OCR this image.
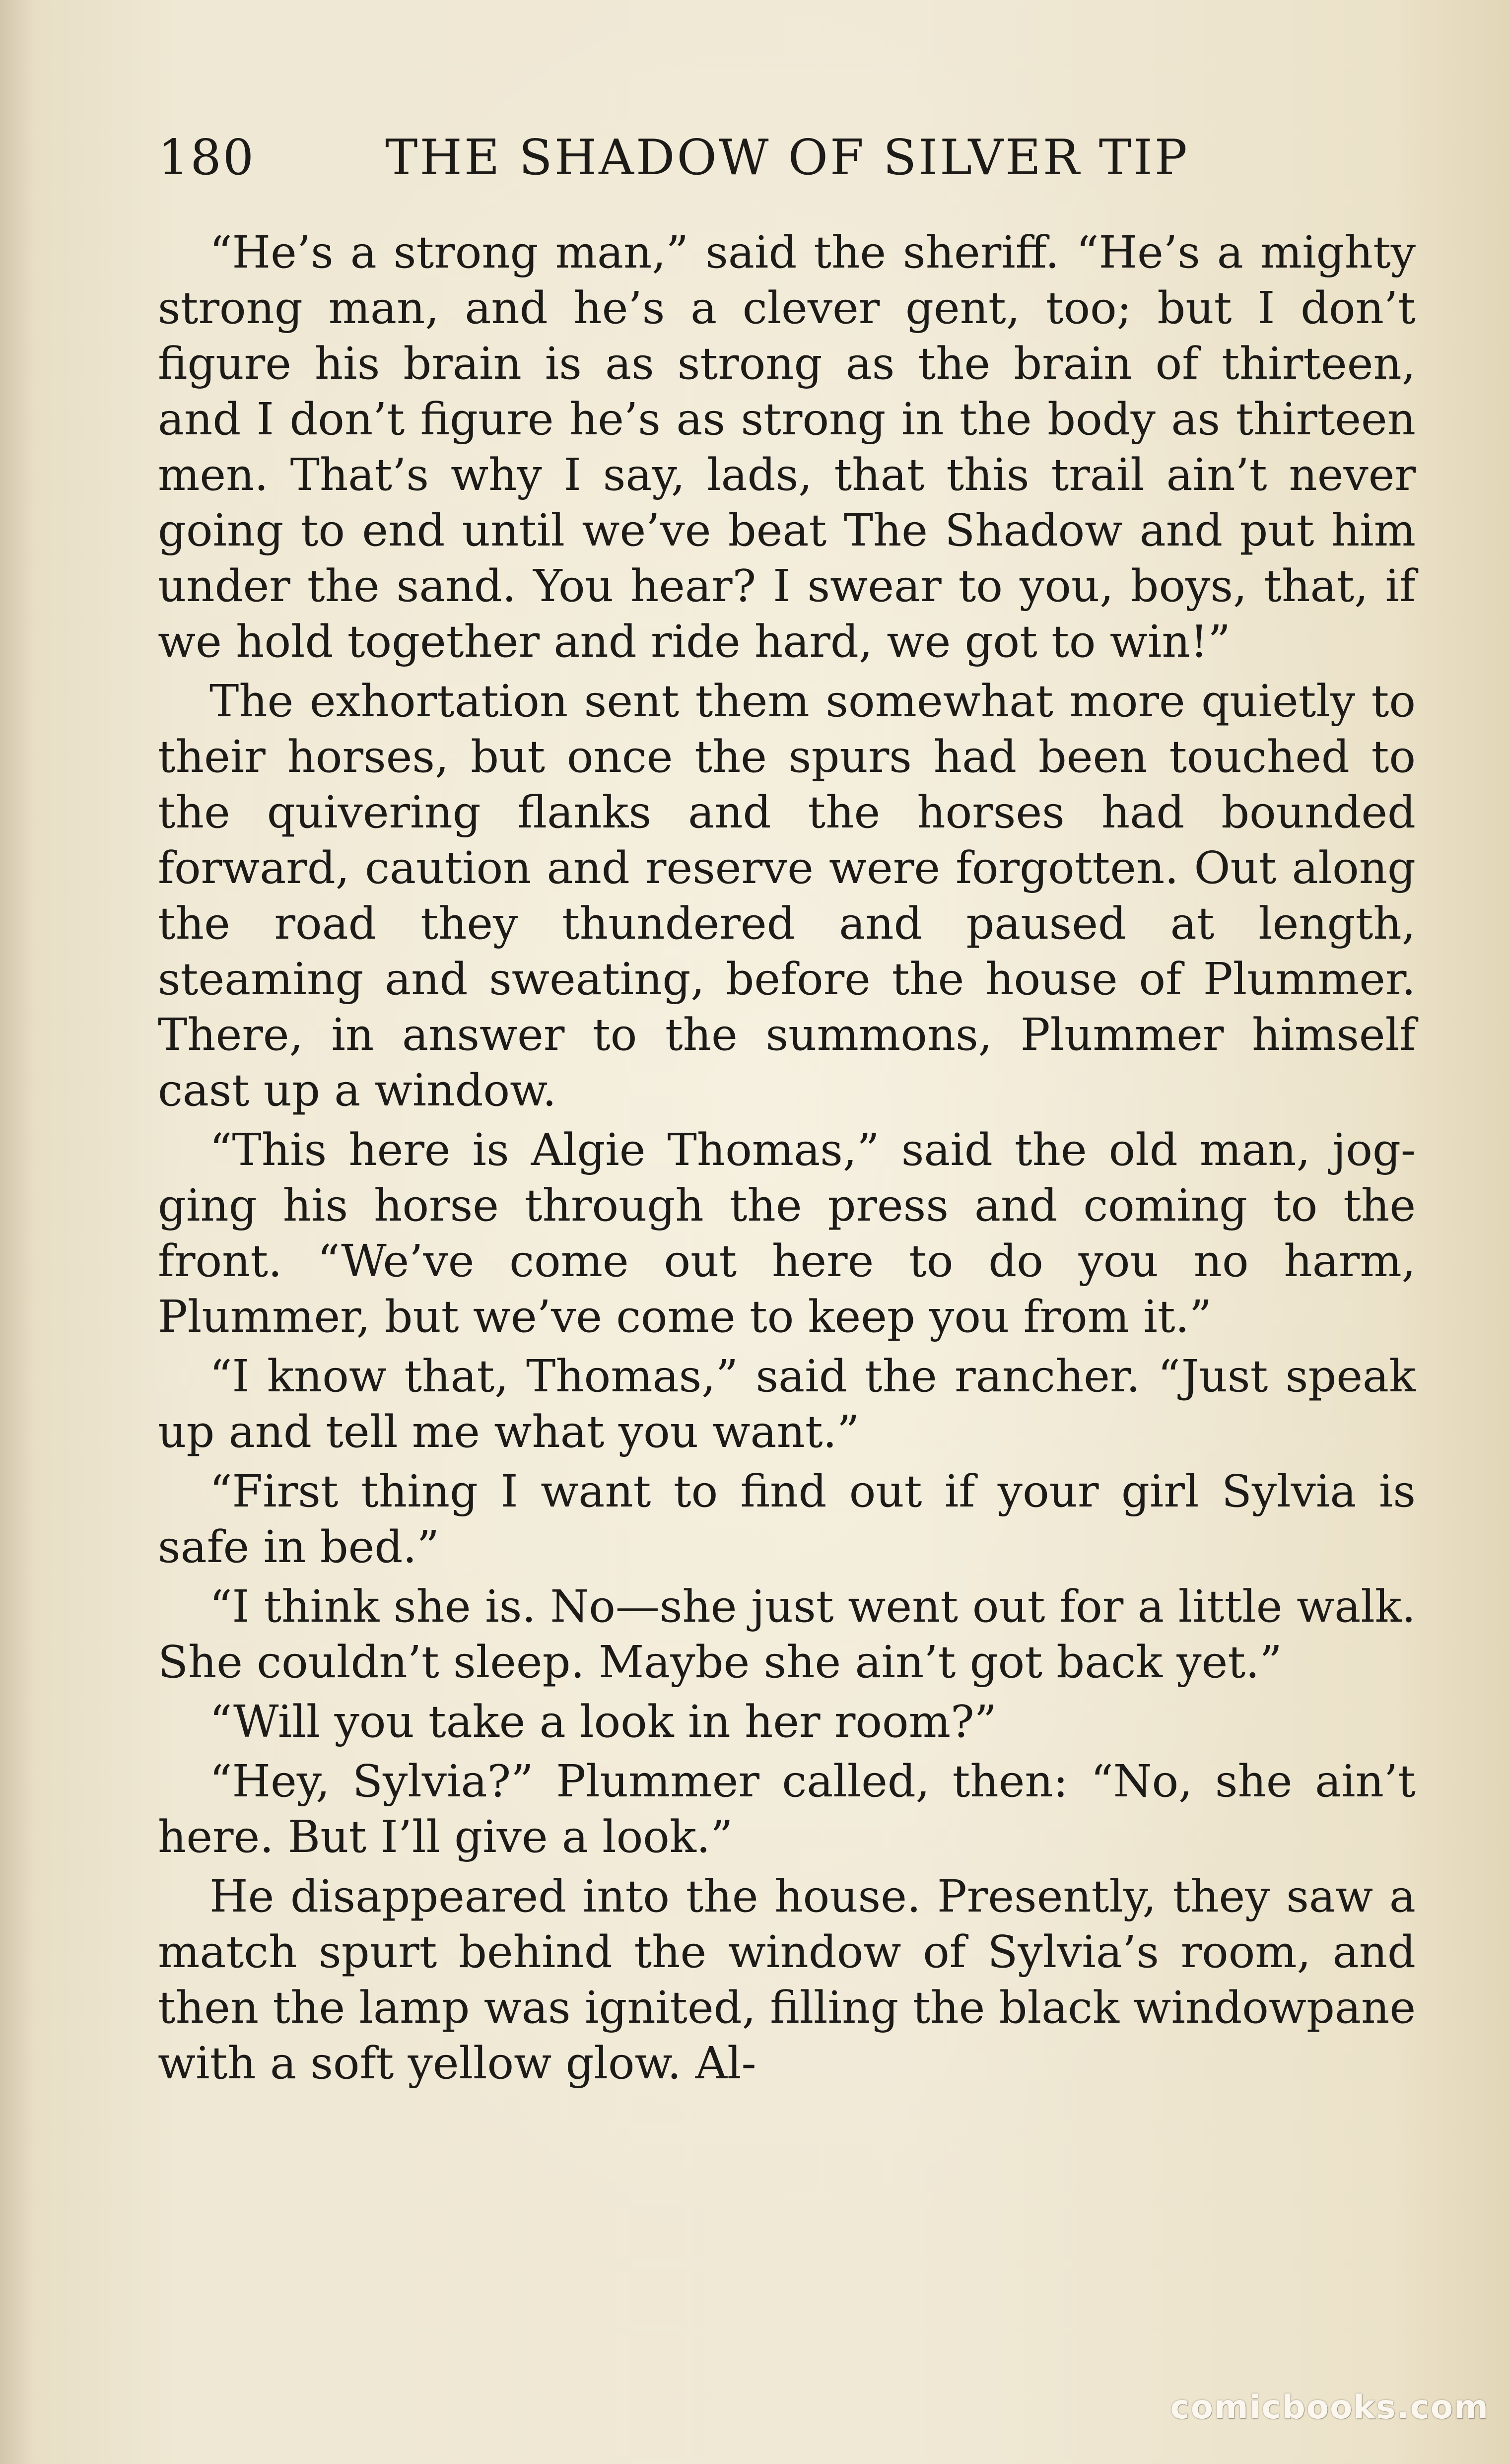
180	THE SHADOW OF SILVER TIP

“He’s a strong man,” said the sheriff. “He’s a mighty strong man, and he’s a clever gent, too; but I don’t figure his brain is as strong as the brain of thirteen, and I don’t figure he’s as strong in the body as thirteen men. That’s why I say, lads, that this trail ain’t never going to end until we’ve beat The Shadow and put him under the sand. You hear? I swear to you, boys, that, if we hold together and ride hard, we got to win!”

The exhortation sent them somewhat more quietly to their horses, but once the spurs had been touched to the quivering flanks and the horses had bounded forward, caution and reserve were forgotten. Out along the road they thundered and paused at length, steaming and sweating, before the house of Plummer. There, in answer to the summons, Plummer himself cast up a window.

“This here is Algie Thomas,” said the old man, jogging his horse through the press and coming to the front. “We’ve come out here to do you no harm, Plummer, but we’ve come to keep you from it.”

“I know that, Thomas,” said the rancher. “Just speak up and tell me what you want.”

“First thing I want to find out if your girl Sylvia is safe in bed.”

“I think she is. No—she just went out for a little walk. She couldn’t sleep. Maybe she ain’t got back yet.”

“Will you take a look in her room?”

“Hey, Sylvia?” Plummer called, then: “No, she ain’t here. But I’ll give a look.”

He disappeared into the house. Presently, they saw a match spurt behind the window of Sylvia’s room, and then the lamp was ignited, filling the black windowpane with a soft yellow glow. Al-

comicbooks.com
